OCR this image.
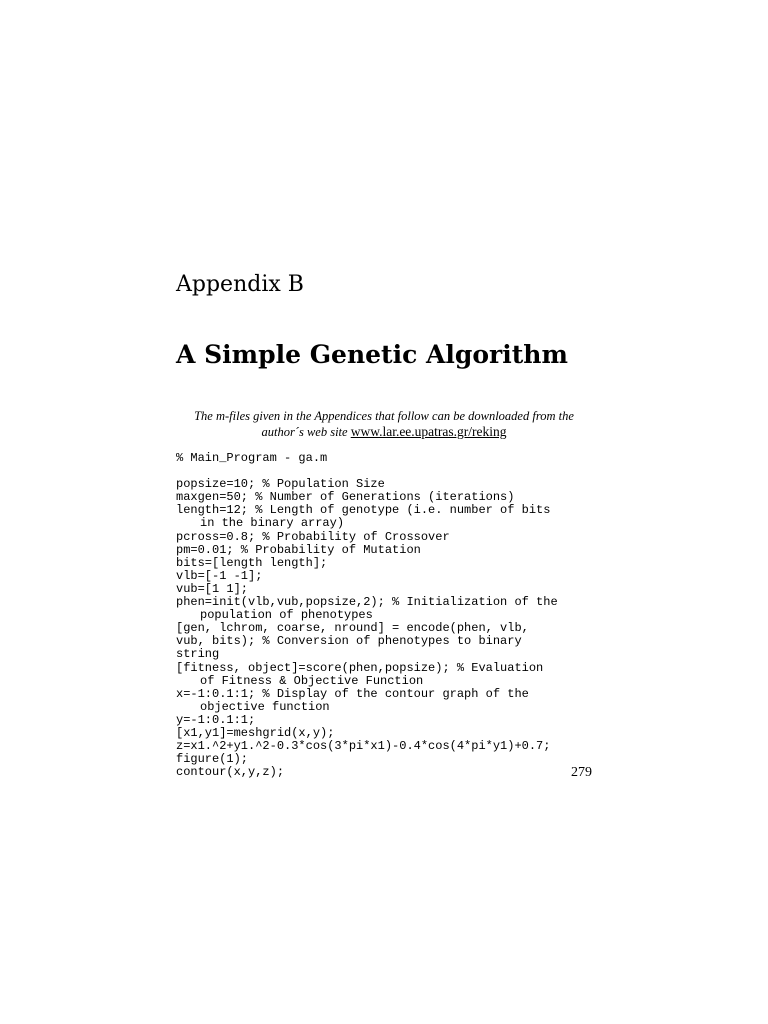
Appendix B
A Simple Genetic Algorithm

The m-files given in the Appendices that follow can be downloaded from the
author´s web site www.lar.ee.upatras.gr/reking

% Main_Program - ga.m
popsize=10; % Population Size
maxgen=50; % Number of Generations (iterations)
length=12; % Length of genotype (i.e. number of bits
in the binary array)
pcross=0.8; % Probability of Crossover
pm=0.01; % Probability of Mutation
bits=[length length];
vlb=[-1 -1];
vub=[1 1];
phen=init(vlb,vub,popsize,2); % Initialization of the
population of phenotypes
[gen, lchrom, coarse, nround] = encode(phen, vlb,
vub, bits); % Conversion of phenotypes to binary
string
[fitness, object]=score(phen,popsize); % Evaluation
of Fitness & Objective Function
x=-1:0.1:1; % Display of the contour graph of the
objective function
y=-1:0.1:1;
[x1,y1]=meshgrid(x,y);
z=x1.^2+y1.^2-0.3*cos(3*pi*x1)-0.4*cos(4*pi*y1)+0.7;
figure(1);
contour(x,y,z);	279
